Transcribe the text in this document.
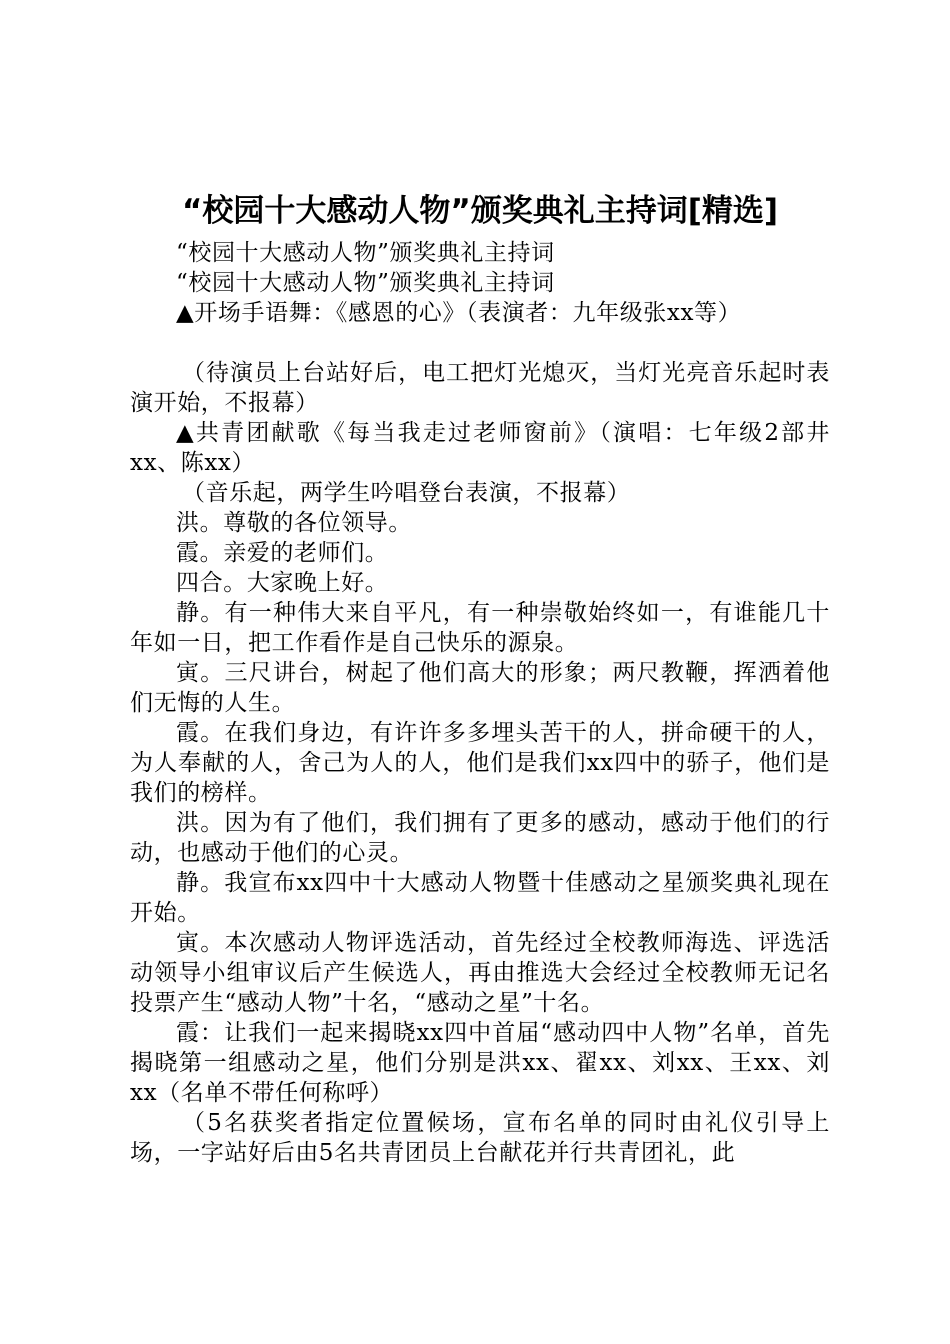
“校园十大感动人物”颁奖典礼主持词[精选]

“校园十大感动人物”颁奖典礼主持词

“校园十大感动人物”颁奖典礼主持词

▲开场手语舞：《感恩的心》（表演者：九年级张xx等）

（待演员上台站好后，电工把灯光熄灭，当灯光亮音乐起时表演开始，不报幕）

▲共青团献歌《每当我走过老师窗前》（演唱：七年级2部井xx、陈xx）

（音乐起，两学生吟唱登台表演，不报幕）

洪。尊敬的各位领导。

霞。亲爱的老师们。

四合。大家晚上好。

静。有一种伟大来自平凡，有一种崇敬始终如一，有谁能几十年如一日，把工作看作是自己快乐的源泉。

寅。三尺讲台，树起了他们高大的形象；两尺教鞭，挥洒着他们无悔的人生。

霞。在我们身边，有许许多多埋头苦干的人，拼命硬干的人，为人奉献的人，舍己为人的人，他们是我们xx四中的骄子，他们是我们的榜样。

洪。因为有了他们，我们拥有了更多的感动，感动于他们的行动，也感动于他们的心灵。

静。我宣布xx四中十大感动人物暨十佳感动之星颁奖典礼现在开始。

寅。本次感动人物评选活动，首先经过全校教师海选、评选活动领导小组审议后产生候选人，再由推选大会经过全校教师无记名投票产生“感动人物”十名，“感动之星”十名。

霞：让我们一起来揭晓xx四中首届“感动四中人物”名单，首先揭晓第一组感动之星，他们分别是洪xx、翟xx、刘xx、王xx、刘xx（名单不带任何称呼）

（5名获奖者指定位置候场，宣布名单的同时由礼仪引导上场，一字站好后由5名共青团员上台献花并行共青团礼，此
